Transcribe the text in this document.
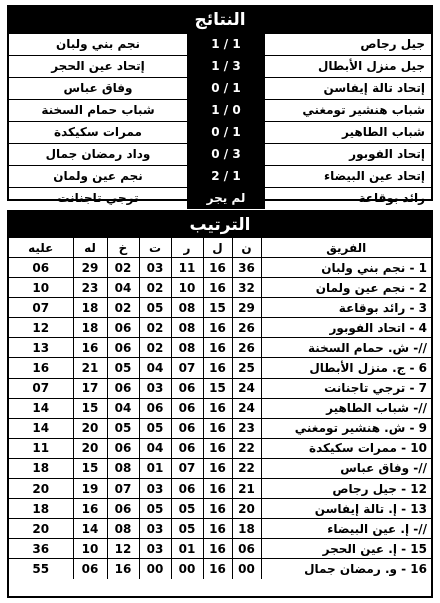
النتائج
جيل رجاص
1 / 1
نجم بني ولبان
جيل منزل الأبطال
1 / 3
إتحاد عين الحجر
إتحاد تالة إيفاسن
0 / 1
وفاق عباس
شباب هنشير تومغني
1 / 0
شباب حمام السخنة
شباب الطاهير
0 / 1
ممرات سكيكدة
إتحاد الفوبور
0 / 3
وداد رمضان جمال
إتحاد عين البيضاء
2 / 1
نجم عين ولمان
رائد بوقاعة
لم يجر
ترجي تاجنانت
الترتيب
الفريق	ن	ل	ر	ت	خ	له	عليه
1 - نجم بني ولبان	36	16	11	03	02	29	06
2 - نجم عين ولمان	32	16	10	02	04	23	10
3 - رائد بوقاعة	29	15	08	05	02	18	07
4 - اتحاد الفوبور	26	16	08	02	06	18	12
//- ش. حمام السخنة	26	16	08	02	06	16	13
6 - ج. منزل الأبطال	25	16	07	04	05	21	16
7 - ترجي تاجنانت	24	15	06	03	06	17	07
//- شباب الطاهير	24	16	06	06	04	15	14
9 - ش. هنشير تومغني	23	16	06	05	05	20	14
10 - ممرات سكيكدة	22	16	06	04	06	20	11
//- وفاق عباس	22	16	07	01	08	15	18
12 - جيل رجاص	21	16	06	03	07	19	20
13 - إ. تالة إيفاسن	20	16	05	05	06	16	18
//- إ. عين البيضاء	18	16	05	03	08	14	20
15 - إ. عين الحجر	06	16	01	03	12	10	36
16 - و. رمضان جمال	00	16	00	00	16	06	55
